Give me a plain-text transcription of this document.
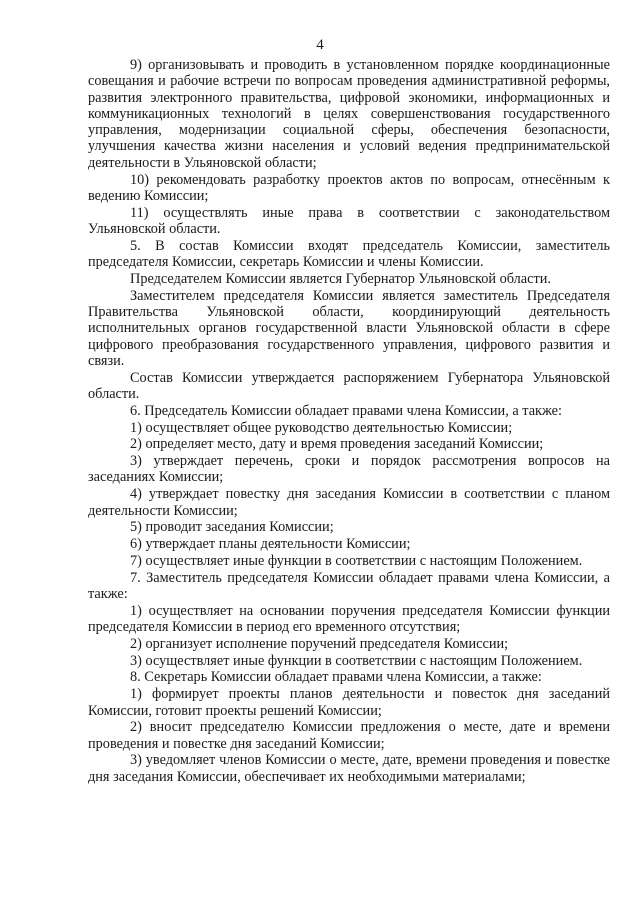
4

9) организовывать и проводить в установленном порядке координационные совещания и рабочие встречи по вопросам проведения административной реформы, развития электронного правительства, цифровой экономики, информационных и коммуникационных технологий в целях совершенствования государственного управления, модернизации социальной сферы, обеспечения безопасности, улучшения качества жизни населения и условий ведения предпринимательской деятельности в Ульяновской области;

10) рекомендовать разработку проектов актов по вопросам, отнесённым к ведению Комиссии;

11) осуществлять иные права в соответствии с законодательством Ульяновской области.

5. В состав Комиссии входят председатель Комиссии, заместитель председателя Комиссии, секретарь Комиссии и члены Комиссии.

Председателем Комиссии является Губернатор Ульяновской области.

Заместителем председателя Комиссии является заместитель Председателя Правительства Ульяновской области, координирующий деятельность исполнительных органов государственной власти Ульяновской области в сфере цифрового преобразования государственного управления, цифрового развития и связи.

Состав Комиссии утверждается распоряжением Губернатора Ульяновской области.

6. Председатель Комиссии обладает правами члена Комиссии, а также:

1) осуществляет общее руководство деятельностью Комиссии;

2) определяет место, дату и время проведения заседаний Комиссии;

3) утверждает перечень, сроки и порядок рассмотрения вопросов на заседаниях Комиссии;

4) утверждает повестку дня заседания Комиссии в соответствии с планом деятельности Комиссии;

5) проводит заседания Комиссии;

6) утверждает планы деятельности Комиссии;

7) осуществляет иные функции в соответствии с настоящим Положением.

7. Заместитель председателя Комиссии обладает правами члена Комиссии, а также:

1) осуществляет на основании поручения председателя Комиссии функции председателя Комиссии в период его временного отсутствия;

2) организует исполнение поручений председателя Комиссии;

3) осуществляет иные функции в соответствии с настоящим Положением.

8. Секретарь Комиссии обладает правами члена Комиссии, а также:

1) формирует проекты планов деятельности и повесток дня заседаний Комиссии, готовит проекты решений Комиссии;

2) вносит председателю Комиссии предложения о месте, дате и времени проведения и повестке дня заседаний Комиссии;

3) уведомляет членов Комиссии о месте, дате, времени проведения и повестке дня заседания Комиссии, обеспечивает их необходимыми материалами;
